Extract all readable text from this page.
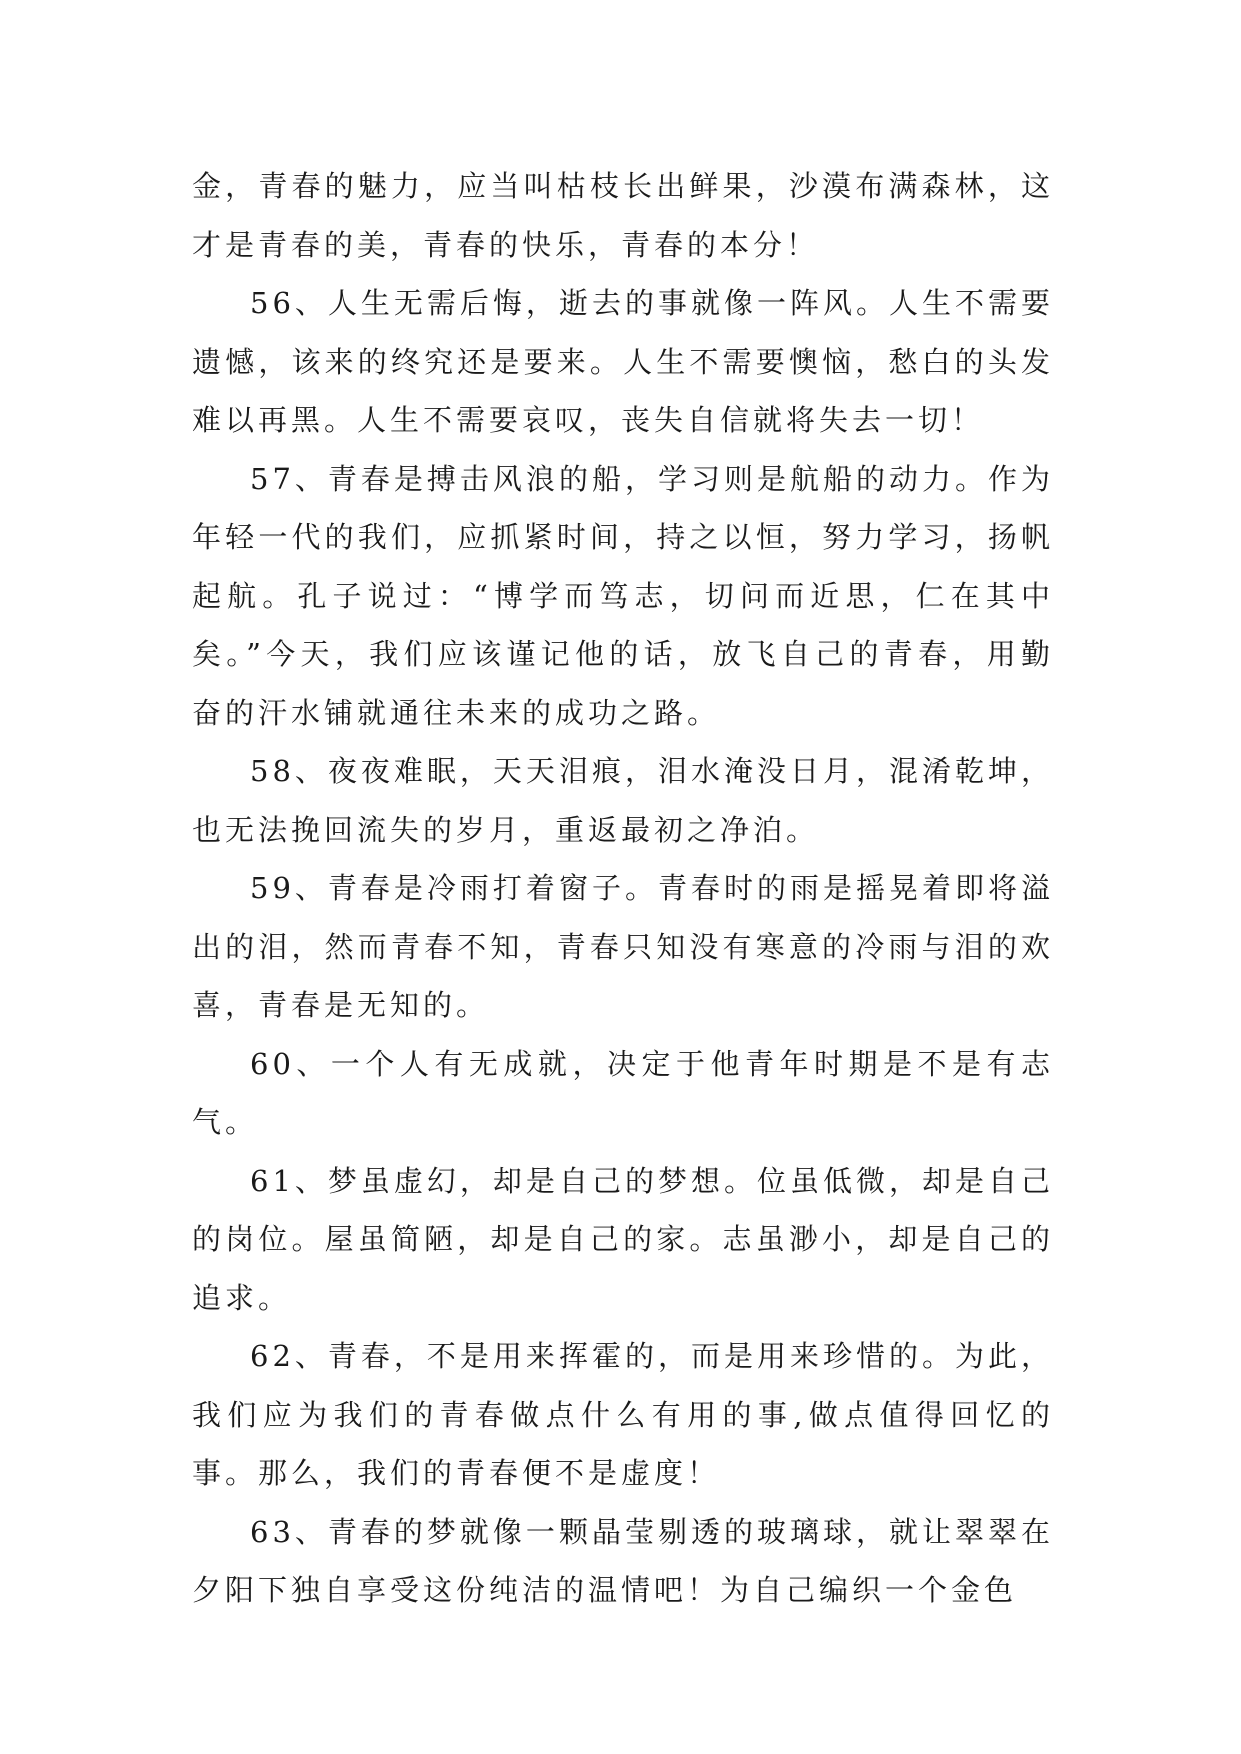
金，青春的魅力，应当叫枯枝长出鲜果，沙漠布满森林，这才是青春的美，青春的快乐，青春的本分！

56、人生无需后悔，逝去的事就像一阵风。人生不需要遗憾，该来的终究还是要来。人生不需要懊恼，愁白的头发难以再黑。人生不需要哀叹，丧失自信就将失去一切！

57、青春是搏击风浪的船，学习则是航船的动力。作为年轻一代的我们，应抓紧时间，持之以恒，努力学习，扬帆起航。孔子说过：“博学而笃志，切问而近思，仁在其中矣。”今天，我们应该谨记他的话，放飞自己的青春，用勤奋的汗水铺就通往未来的成功之路。

58、夜夜难眠，天天泪痕，泪水淹没日月，混淆乾坤，也无法挽回流失的岁月，重返最初之净泊。

59、青春是冷雨打着窗子。青春时的雨是摇晃着即将溢出的泪，然而青春不知，青春只知没有寒意的冷雨与泪的欢喜，青春是无知的。

60、一个人有无成就，决定于他青年时期是不是有志气。

61、梦虽虚幻，却是自己的梦想。位虽低微，却是自己的岗位。屋虽简陋，却是自己的家。志虽渺小，却是自己的追求。

62、青春，不是用来挥霍的，而是用来珍惜的。为此，我们应为我们的青春做点什么有用的事,做点值得回忆的事。那么，我们的青春便不是虚度！

63、青春的梦就像一颗晶莹剔透的玻璃球，就让翠翠在夕阳下独自享受这份纯洁的温情吧！为自己编织一个金色
